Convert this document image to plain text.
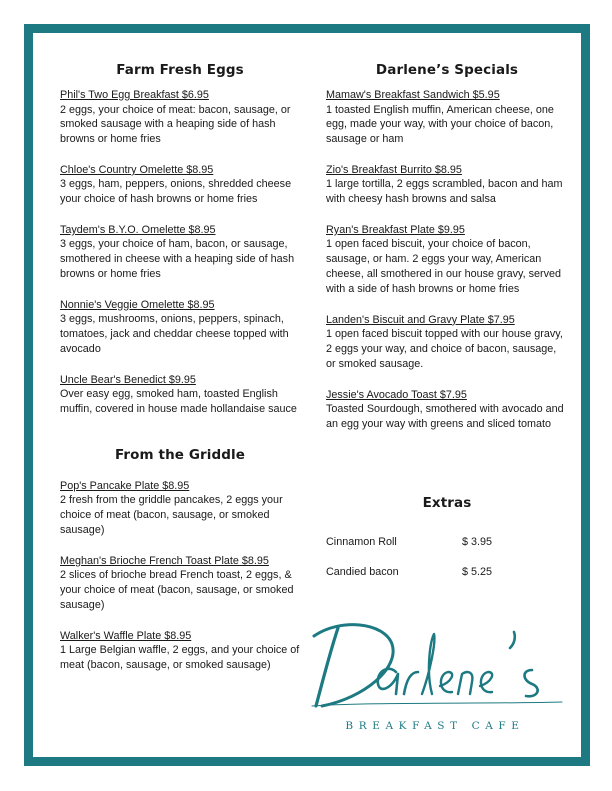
Farm Fresh Eggs
Phil's Two Egg Breakfast $6.95

2 eggs, your choice of meat: bacon, sausage, or smoked sausage with a heaping side of hash browns or home fries

Chloe's Country Omelette $8.95

3 eggs, ham, peppers, onions, shredded cheese your choice of hash browns or home fries

Taydem's B.Y.O. Omelette $8.95

3 eggs, your choice of ham, bacon, or sausage, smothered in cheese with a heaping side of hash browns or home fries

Nonnie's Veggie Omelette $8.95

3 eggs, mushrooms, onions, peppers, spinach, tomatoes, jack and cheddar cheese topped with avocado

Uncle Bear's Benedict $9.95

Over easy egg, smoked ham, toasted English muffin, covered in house made hollandaise sauce

From the Griddle
Pop's Pancake Plate $8.95

2 fresh from the griddle pancakes, 2 eggs your choice of meat (bacon, sausage, or smoked sausage)

Meghan's Brioche French Toast Plate $8.95

2 slices of brioche bread French toast, 2 eggs, & your choice of meat (bacon, sausage, or smoked sausage)

Walker's Waffle Plate $8.95

1 Large Belgian waffle, 2 eggs, and your choice of meat (bacon, sausage, or smoked sausage)

Darlene’s Specials
Mamaw's Breakfast Sandwich $5.95

1 toasted English muffin, American cheese, one egg, made your way, with your choice of bacon, sausage or ham

Zio's Breakfast Burrito $8.95

1 large tortilla, 2 eggs scrambled, bacon and ham with cheesy hash browns and salsa

Ryan's Breakfast Plate $9.95

1 open faced biscuit, your choice of bacon, sausage, or ham. 2 eggs your way, American cheese, all smothered in our house gravy, served with a side of hash browns or home fries

Landen's Biscuit and Gravy Plate $7.95

1 open faced biscuit topped with our house gravy, 2 eggs your way, and choice of bacon, sausage, or smoked sausage.

Jessie's Avocado Toast $7.95

Toasted Sourdough, smothered with avocado and an egg your way with greens and sliced tomato

Extras
Cinnamon Roll	$ 3.95
Candied bacon	$ 5.25
BREAKFAST CAFE
